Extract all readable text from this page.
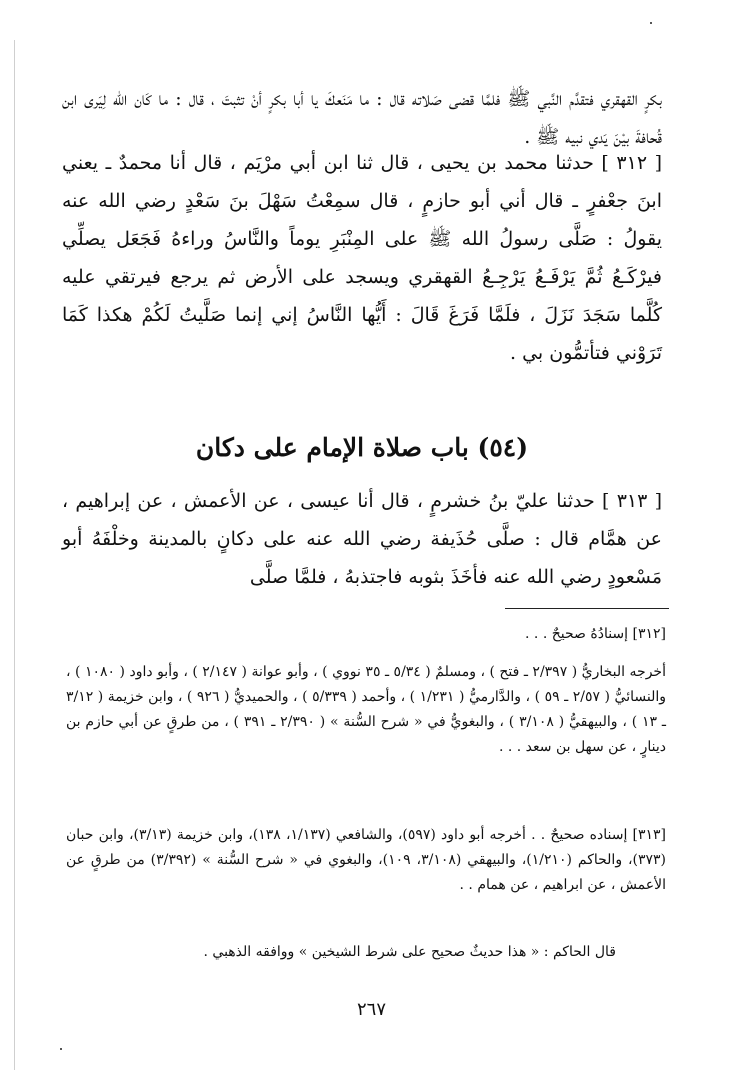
بكرٍ القهقري فتقدَّم النَّبي ﷺ فلمَّا قضى صَلاته قال : ما مَنَعكَ يا أبا بكرٍ أنْ تثبتَ ، قال : ما كَان الله لِيَرى ابن قُحافةَ بيْنَ يَدي نبيه ﷺ .

[ ٣١٢ ] حدثنا محمد بن يحيى ، قال ثنا ابن أبي مرْيَم ، قال أنا محمدٌ ـ يعني ابنَ جعْفرٍ ـ قال أني أبو حازمٍ ، قال سمِعْتُ سَهْلَ بنَ سَعْدٍ رضي الله عنه يقولُ : صَلَّى رسولُ الله ﷺ على المِنْبَرِ يوماً والنَّاسُ وراءهُ فَجَعَل يصلِّي فيرْكَـعُ ثُمَّ يَرْفَـعُ يَرْجِـعُ القهقري ويسجد على الأرض ثم يرجع فيرتقي عليه كُلَّما سَجَدَ نَزَلَ ، فلَمَّا فَرَغَ قَالَ : أَيُّها النَّاسُ إني إنما صَلَّيتُ لَكُمْ هكذا كَمَا تَرَوْني فتأتمُّون بي .

(٥٤) باب صلاة الإمام على دكان

[ ٣١٣ ] حدثنا عليّ بنُ خشرمٍ ، قال أنا عيسى ، عن الأعمش ، عن إبراهيم ، عن همَّام قال : صلَّى حُذَيفة رضي الله عنه على دكانٍ بالمدينة وخلْفَهُ أبو مَسْعودٍ رضي الله عنه فأخَذَ بثوبه فاجتذبهُ ، فلمَّا صلَّى

[٣١٢] إسنادُهُ صحيحٌ . . .

أخرجه البخاريُّ ( ٢/٣٩٧ ـ فتح ) ، ومسلمٌ ( ٥/٣٤ ـ ٣٥ نووي ) ، وأبو عوانة ( ٢/١٤٧ ) ، وأبو داود ( ١٠٨٠ ) ، والنسائيُّ ( ٢/٥٧ ـ ٥٩ ) ، والدَّارميُّ ( ١/٢٣١ ) ، وأحمد ( ٥/٣٣٩ ) ، والحميديُّ ( ٩٢٦ ) ، وابن خزيمة ( ٣/١٢ ـ ١٣ ) ، والبيهقيُّ ( ٣/١٠٨ ) ، والبغويُّ في « شرح السُّنة » ( ٢/٣٩٠ ـ ٣٩١ ) ، من طرقٍ عن أبي حازم بن دينارٍ ، عن سهل بن سعد . . .

[٣١٣] إسناده صحيحٌ . . أخرجه أبو داود (٥٩٧)، والشافعي (١/١٣٧، ١٣٨)، وابن خزيمة (٣/١٣)، وابن حبان (٣٧٣)، والحاكم (١/٢١٠)، والبيهقي (٣/١٠٨، ١٠٩)، والبغوي في « شرح السُّنة » (٣/٣٩٢) من طرقٍ عن الأعمش ، عن ابراهيم ، عن همام . .

قال الحاكم : « هذا حديثٌ صحيح على شرط الشيخين » ووافقه الذهبي .

٢٦٧
